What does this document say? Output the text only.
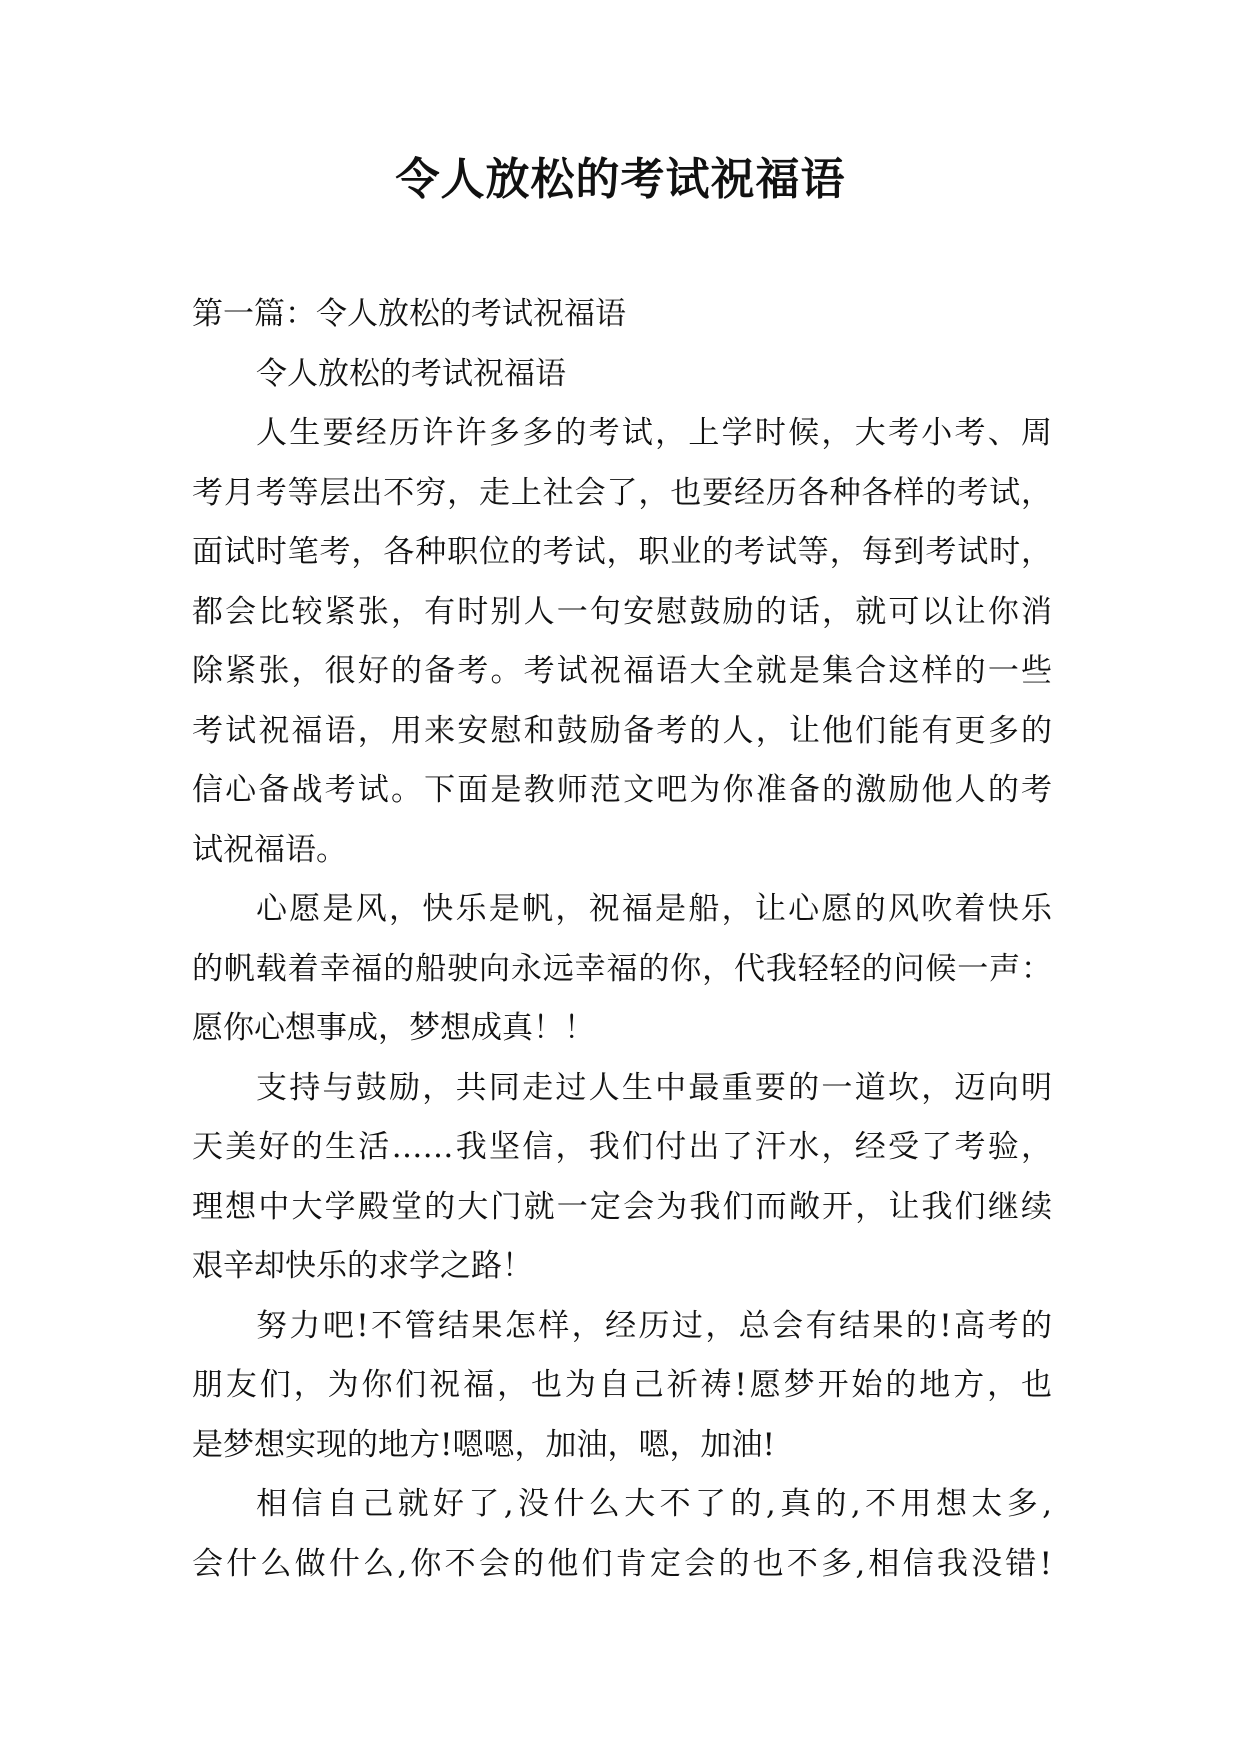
令人放松的考试祝福语
第一篇：令人放松的考试祝福语
令人放松的考试祝福语
人生要经历许许多多的考试，上学时候，大考小考、周
考月考等层出不穷，走上社会了，也要经历各种各样的考试，
面试时笔考，各种职位的考试，职业的考试等，每到考试时，
都会比较紧张，有时别人一句安慰鼓励的话，就可以让你消
除紧张，很好的备考。考试祝福语大全就是集合这样的一些
考试祝福语，用来安慰和鼓励备考的人，让他们能有更多的
信心备战考试。下面是教师范文吧为你准备的激励他人的考
试祝福语。
心愿是风，快乐是帆，祝福是船，让心愿的风吹着快乐
的帆载着幸福的船驶向永远幸福的你，代我轻轻的问候一声：
愿你心想事成，梦想成真！！
支持与鼓励，共同走过人生中最重要的一道坎，迈向明
天美好的生活……我坚信，我们付出了汗水，经受了考验，
理想中大学殿堂的大门就一定会为我们而敞开，让我们继续
艰辛却快乐的求学之路！
努力吧!不管结果怎样，经历过，总会有结果的!高考的
朋友们，为你们祝福，也为自己祈祷!愿梦开始的地方，也
是梦想实现的地方!嗯嗯，加油，嗯，加油!
相信自己就好了,没什么大不了的,真的,不用想太多,
会什么做什么,你不会的他们肯定会的也不多,相信我没错!
